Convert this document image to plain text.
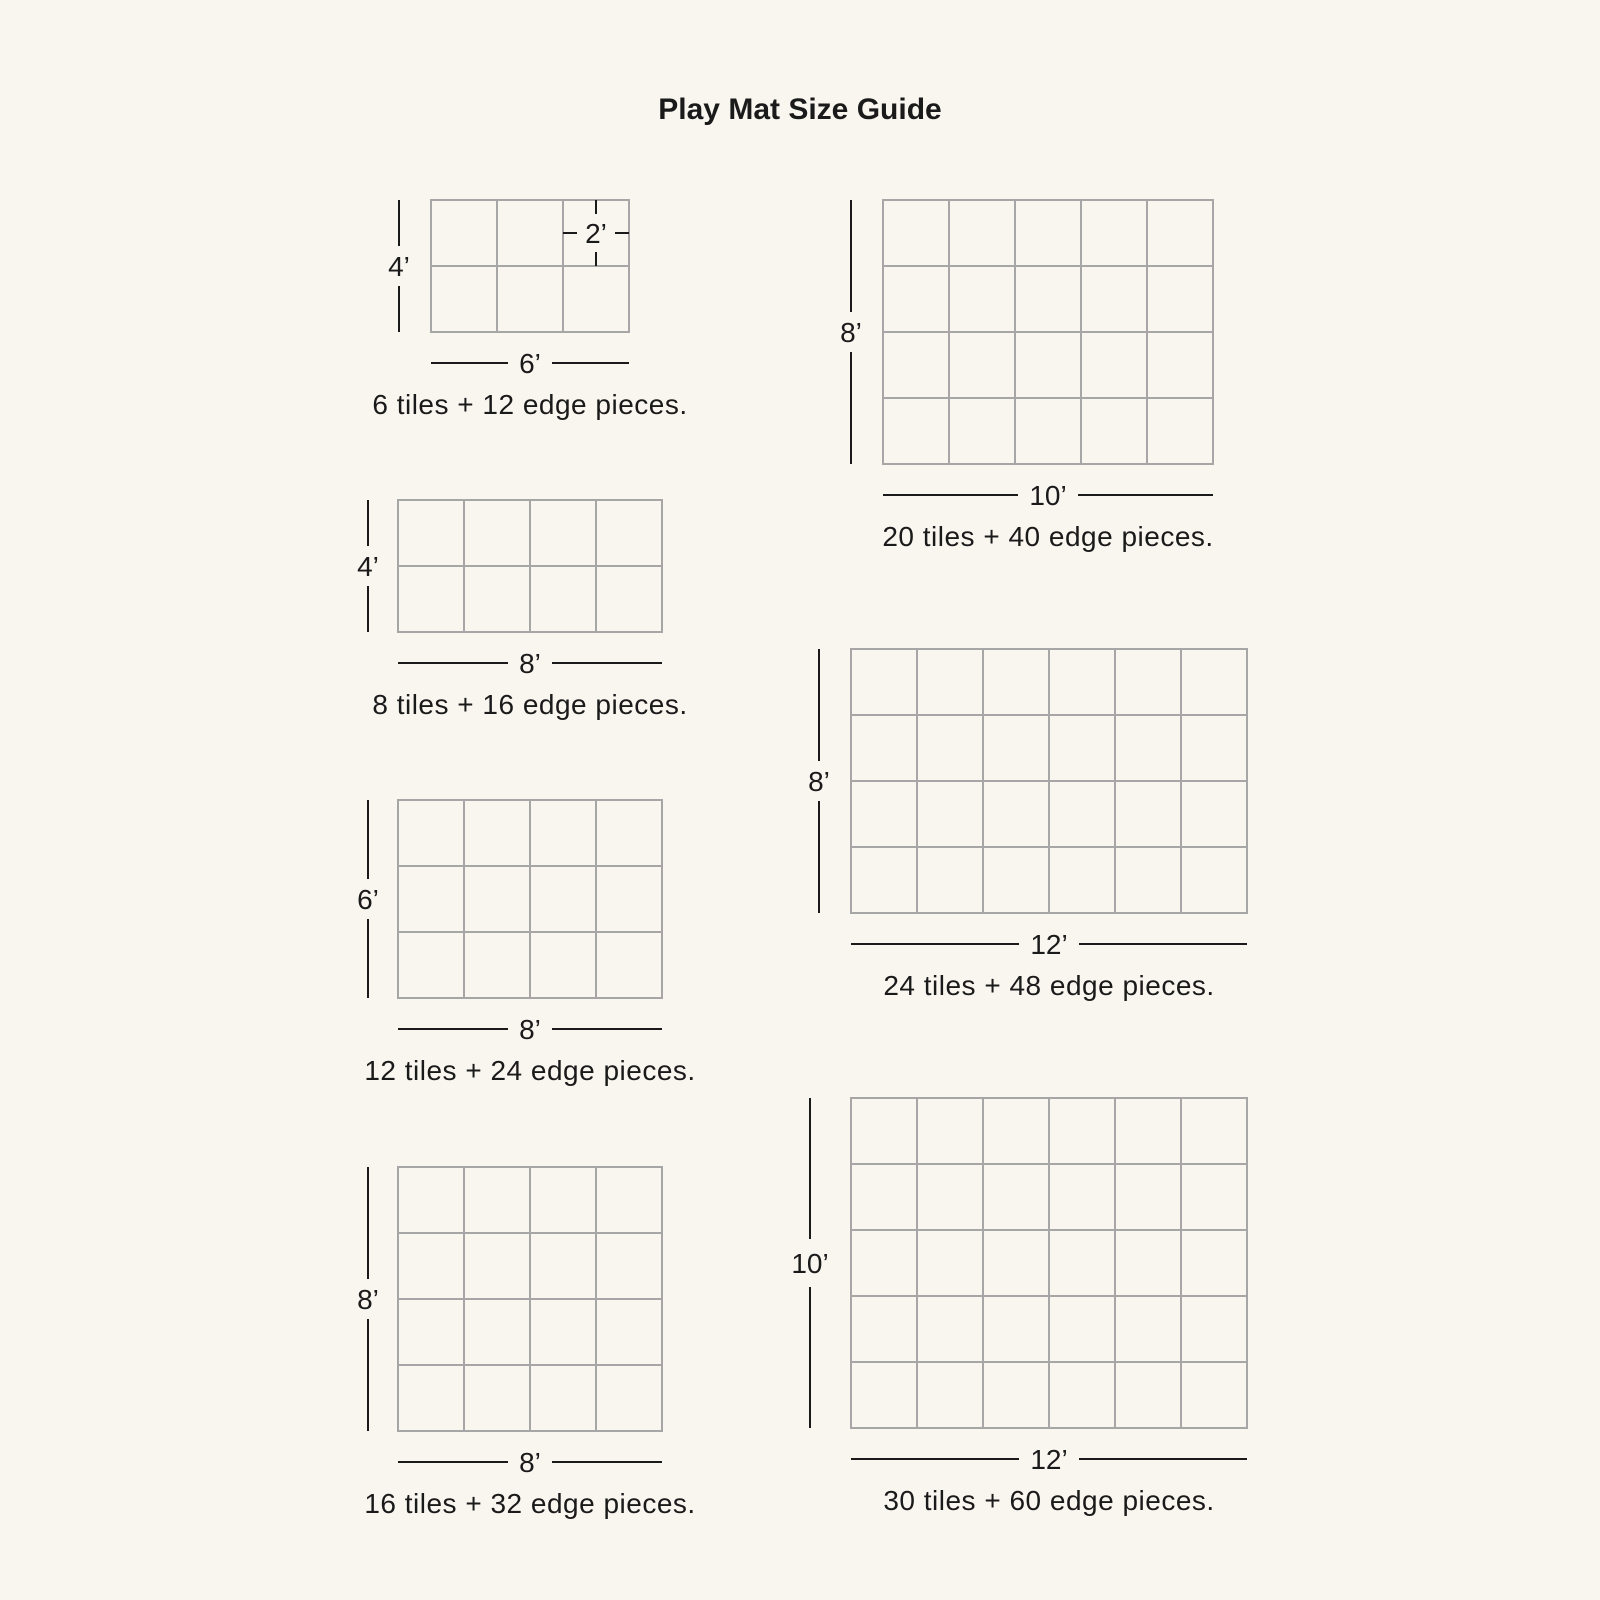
Play Mat Size Guide
4’
6’
6 tiles + 12 edge pieces.
2’
4’
8’
8 tiles + 16 edge pieces.
6’
8’
12 tiles + 24 edge pieces.
8’
8’
16 tiles + 32 edge pieces.
8’
10’
20 tiles + 40 edge pieces.
8’
12’
24 tiles + 48 edge pieces.
10’
12’
30 tiles + 60 edge pieces.
